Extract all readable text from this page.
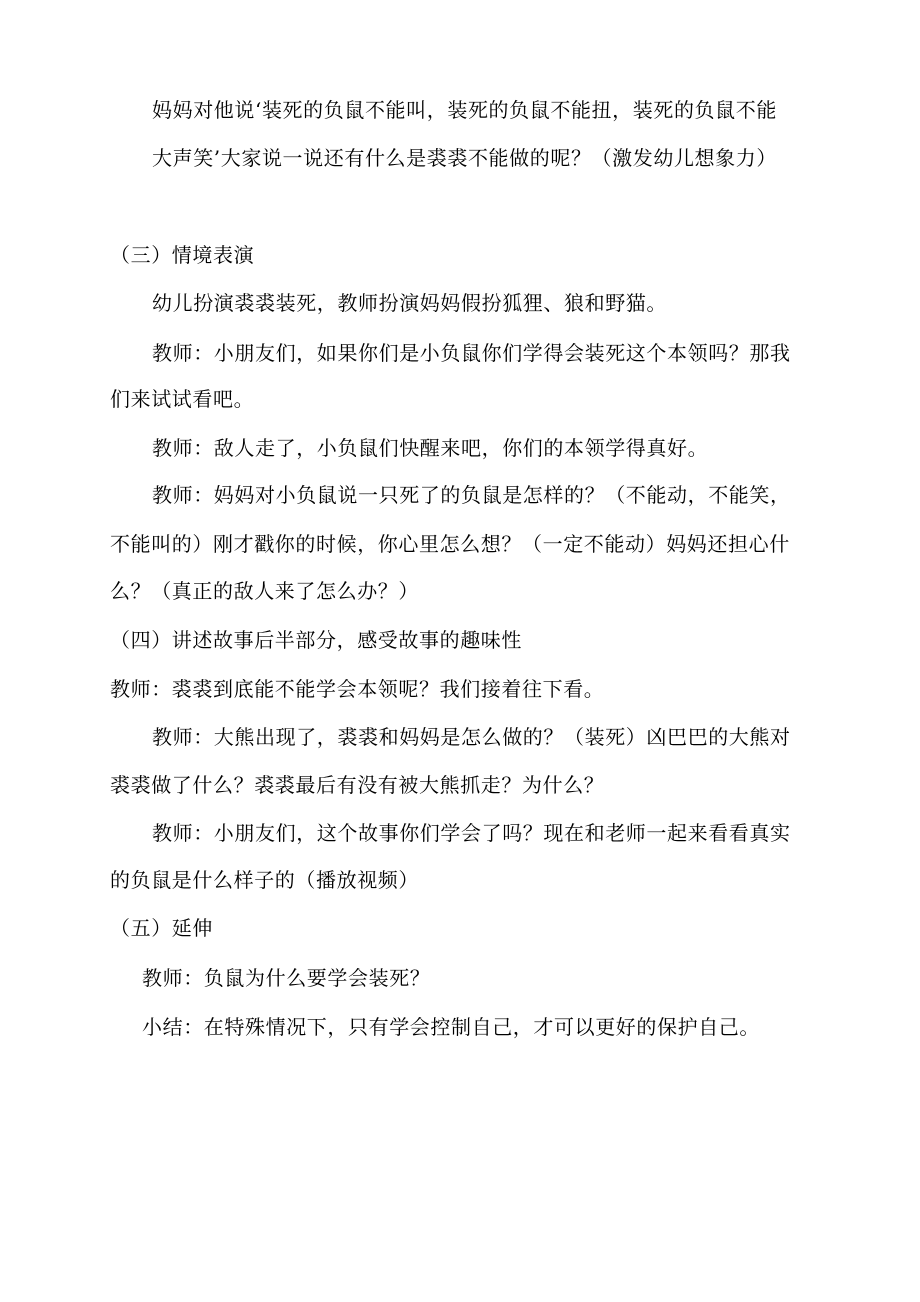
妈妈对他说‘装死的负鼠不能叫，装死的负鼠不能扭，装死的负鼠不能
大声笑’大家说一说还有什么是裘裘不能做的呢？（激发幼儿想象力）
（三）情境表演
幼儿扮演裘裘装死，教师扮演妈妈假扮狐狸、狼和野猫。
教师：小朋友们，如果你们是小负鼠你们学得会装死这个本领吗？那我
们来试试看吧。
教师：敌人走了，小负鼠们快醒来吧，你们的本领学得真好。
教师：妈妈对小负鼠说一只死了的负鼠是怎样的？（不能动，不能笑，
不能叫的）刚才戳你的时候，你心里怎么想？（一定不能动）妈妈还担心什
么？（真正的敌人来了怎么办？）
（四）讲述故事后半部分，感受故事的趣味性
教师：裘裘到底能不能学会本领呢？我们接着往下看。
教师：大熊出现了，裘裘和妈妈是怎么做的？（装死）凶巴巴的大熊对
裘裘做了什么？裘裘最后有没有被大熊抓走？为什么？
教师：小朋友们，这个故事你们学会了吗？现在和老师一起来看看真实
的负鼠是什么样子的（播放视频）
（五）延伸
教师：负鼠为什么要学会装死？
小结：在特殊情况下，只有学会控制自己，才可以更好的保护自己。
